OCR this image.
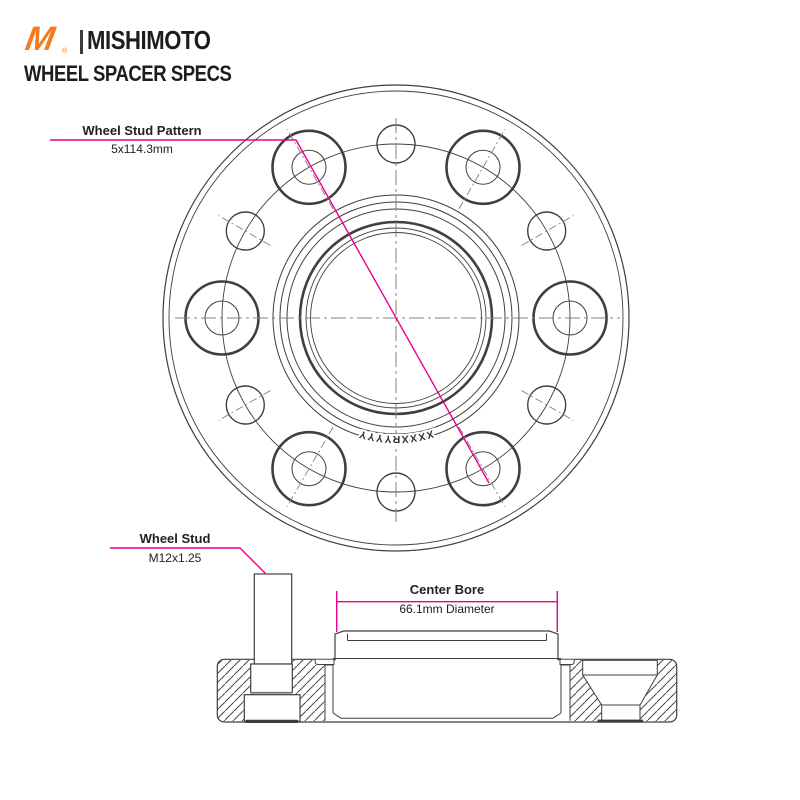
XXXXRYYYY
M ® MISHIMOTO
WHEEL SPACER SPECS
Wheel Stud Pattern
5x114.3mm
Wheel Stud
M12x1.25
Center Bore
66.1mm Diameter
